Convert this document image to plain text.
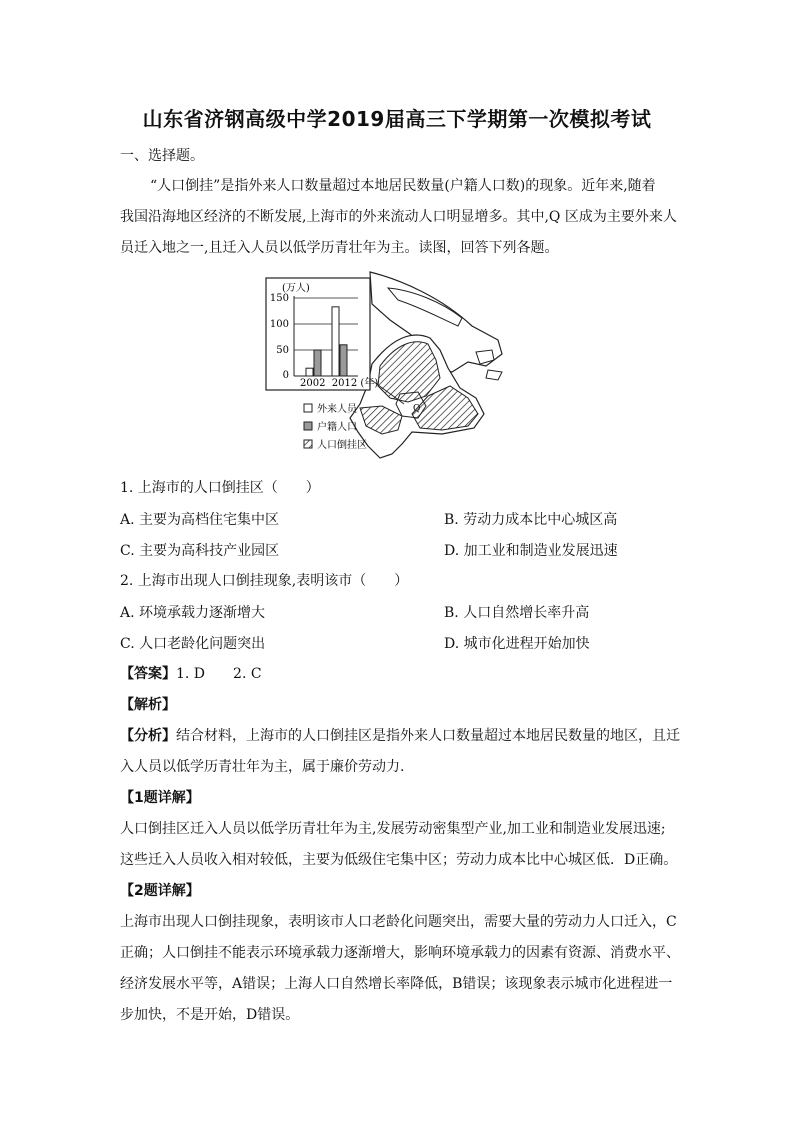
山东省济钢高级中学2019届高三下学期第一次模拟考试
一、选择题。
“人口倒挂”是指外来人口数量超过本地居民数量(户籍人口数)的现象。近年来,随着
我国沿海地区经济的不断发展,上海市的外来流动人口明显增多。其中,Q 区成为主要外来人
员迁入地之一,且迁入人员以低学历青壮年为主。读图，回答下列各题。
Q
(万人)
150
100
50
0
2002  2012 (年)
外来人员
户籍人口
人口倒挂区
1. 上海市的人口倒挂区（　　）
A. 主要为高档住宅集中区	B. 劳动力成本比中心城区高
C. 主要为高科技产业园区	D. 加工业和制造业发展迅速
2. 上海市出现人口倒挂现象,表明该市（　　）
A. 环境承载力逐渐增大	B. 人口自然增长率升高
C. 人口老龄化问题突出	D. 城市化进程开始加快
【答案】1. D　　2. C
【解析】
【分析】结合材料，上海市的人口倒挂区是指外来人口数量超过本地居民数量的地区，且迁
入人员以低学历青壮年为主，属于廉价劳动力.
【1题详解】
人口倒挂区迁入人员以低学历青壮年为主,发展劳动密集型产业,加工业和制造业发展迅速;
这些迁入人员收入相对较低，主要为低级住宅集中区；劳动力成本比中心城区低．D正确。
【2题详解】
上海市出现人口倒挂现象，表明该市人口老龄化问题突出，需要大量的劳动力人口迁入，C
正确；人口倒挂不能表示环境承载力逐渐增大，影响环境承载力的因素有资源、消费水平、
经济发展水平等，A错误；上海人口自然增长率降低，B错误；该现象表示城市化进程进一
步加快，不是开始，D错误。
